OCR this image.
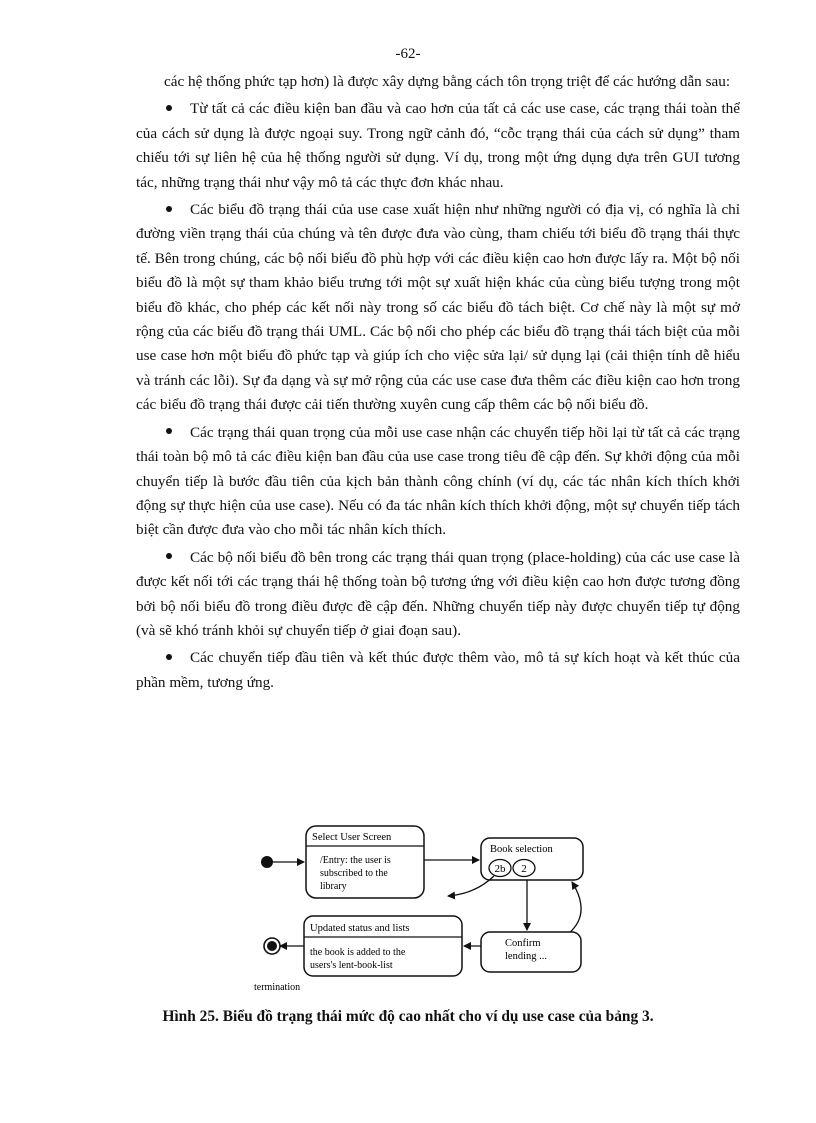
-62-

các hệ thống phức tạp hơn) là được xây dựng bằng cách tôn trọng triệt để các hướng dẫn sau:

Từ tất cả các điều kiện ban đầu và cao hơn của tất cả các use case, các trạng thái toàn thể của cách sử dụng là được ngoại suy. Trong ngữ cảnh đó, “cỗc trạng thái của cách sử dụng” tham chiếu tới sự liên hệ của hệ thống người sử dụng. Ví dụ, trong một ứng dụng dựa trên GUI tương tác, những trạng thái như vậy mô tả các thực đơn khác nhau.

Các biểu đồ trạng thái của use case xuất hiện như những người có địa vị, có nghĩa là chỉ đường viền trạng thái của chúng và tên được đưa vào cùng, tham chiếu tới biểu đồ trạng thái thực tế. Bên trong chúng, các bộ nối biểu đồ phù hợp với các điều kiện cao hơn được lấy ra. Một bộ nối biểu đồ là một sự tham khảo biểu trưng tới một sự xuất hiện khác của cùng biểu tượng trong một biểu đồ khác, cho phép các kết nối này trong số các biểu đồ tách biệt. Cơ chế này là một sự mở rộng của các biểu đồ trạng thái UML. Các bộ nối cho phép các biểu đồ trạng thái tách biệt của mỗi use case hơn một biểu đồ phức tạp và giúp ích cho việc sửa lại/ sử dụng lại (cải thiện tính dễ hiểu và tránh các lỗi). Sự đa dạng và sự mở rộng của các use case đưa thêm các điều kiện cao hơn trong các biểu đồ trạng thái được cải tiến thường xuyên cung cấp thêm các bộ nối biểu đồ.

Các trạng thái quan trọng của mỗi use case nhận các chuyển tiếp hồi lại từ tất cả các trạng thái toàn bộ mô tả các điều kiện ban đầu của use case trong tiêu đề cập đến. Sự khởi động của mỗi chuyển tiếp là bước đầu tiên của kịch bản thành công chính (ví dụ, các tác nhân kích thích khởi động sự thực hiện của use case). Nếu có đa tác nhân kích thích khởi động, một sự chuyển tiếp tách biệt cần được đưa vào cho mỗi tác nhân kích thích.

Các bộ nối biểu đồ bên trong các trạng thái quan trọng (place-holding) của các use case là được kết nối tới các trạng thái hệ thống toàn bộ tương ứng với điều kiện cao hơn được tương đồng bởi bộ nối biểu đồ trong điều được đề cập đến. Những chuyển tiếp này được chuyển tiếp tự động (và sẽ khó tránh khỏi sự chuyển tiếp ở giai đoạn sau).

Các chuyển tiếp đầu tiên và kết thúc được thêm vào, mô tả sự kích hoạt và kết thúc của phần mềm, tương ứng.

Select User Screen
/Entry: the user is
subscribed to the
library
Book selection
2b 2
Confirm
lending ...
Updated status and lists
the book is added to the
users's lent-book-list
termination
Hình 25. Biểu đồ trạng thái mức độ cao nhất cho ví dụ use case của bảng 3.
